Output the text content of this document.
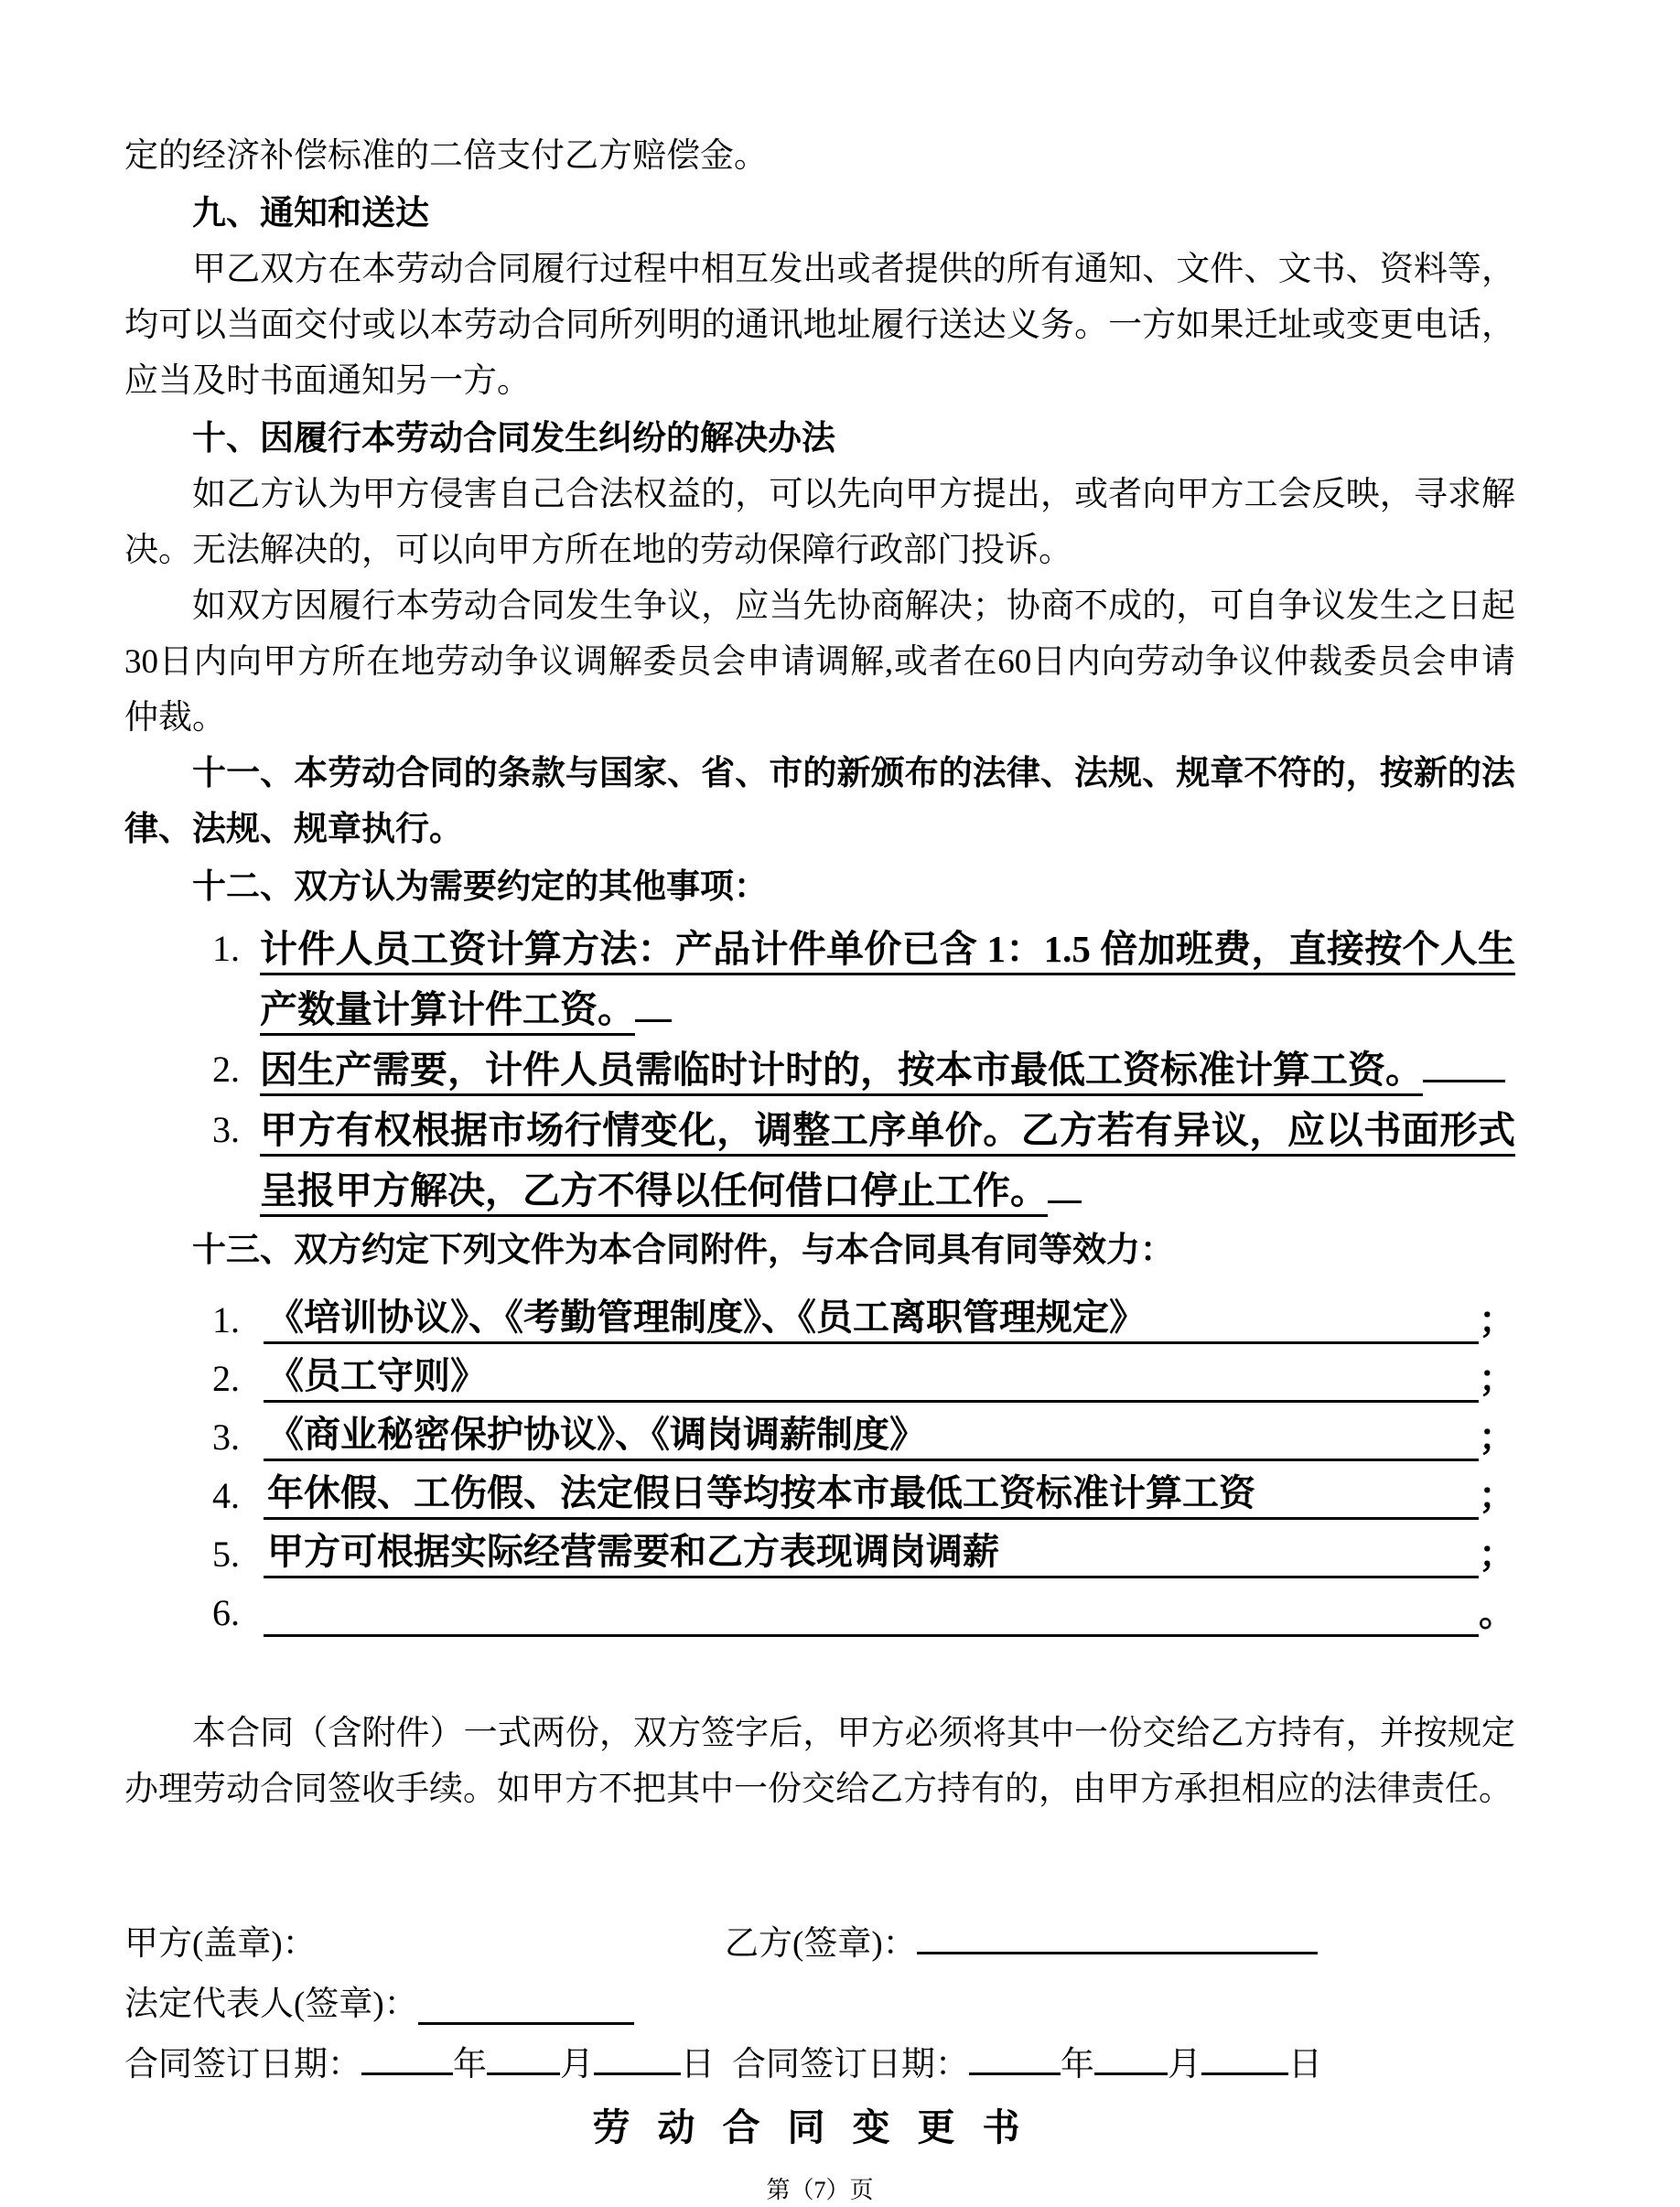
定的经济补偿标准的二倍支付乙方赔偿金。

九、通知和送达

甲乙双方在本劳动合同履行过程中相互发出或者提供的所有通知、文件、文书、资料等，均可以当面交付或以本劳动合同所列明的通讯地址履行送达义务。一方如果迁址或变更电话，应当及时书面通知另一方。

十、因履行本劳动合同发生纠纷的解决办法

如乙方认为甲方侵害自己合法权益的，可以先向甲方提出，或者向甲方工会反映，寻求解决。无法解决的，可以向甲方所在地的劳动保障行政部门投诉。

如双方因履行本劳动合同发生争议，应当先协商解决；协商不成的，可自争议发生之日起30日内向甲方所在地劳动争议调解委员会申请调解,或者在60日内向劳动争议仲裁委员会申请仲裁。

十一、本劳动合同的条款与国家、省、市的新颁布的法律、法规、规章不符的，按新的法律、法规、规章执行。

十二、双方认为需要约定的其他事项：
1. 计件人员工资计算方法：产品计件单价已含 1：1.5 倍加班费，直接按个人生产数量计算计件工资。
2. 因生产需要，计件人员需临时计时的，按本市最低工资标准计算工资。
3. 甲方有权根据市场行情变化，调整工序单价。乙方若有异议，应以书面形式呈报甲方解决，乙方不得以任何借口停止工作。
十三、双方约定下列文件为本合同附件，与本合同具有同等效力：
1. 《培训协议》、《考勤管理制度》、《员工离职管理规定》	；
2. 《员工守则》	；
3. 《商业秘密保护协议》、《调岗调薪制度》	；
4. 年休假、工伤假、法定假日等均按本市最低工资标准计算工资	；
5. 甲方可根据实际经营需要和乙方表现调岗调薪	；
6.	。

本合同（含附件）一式两份，双方签字后，甲方必须将其中一份交给乙方持有，并按规定办理劳动合同签收手续。如甲方不把其中一份交给乙方持有的，由甲方承担相应的法律责任。

甲方(盖章)：	乙方(签章)：
法定代表人(签章)：
合同签订日期：	年 月	日 合同签订日期：	年 月	日
劳动合同变更书
第（7）页
